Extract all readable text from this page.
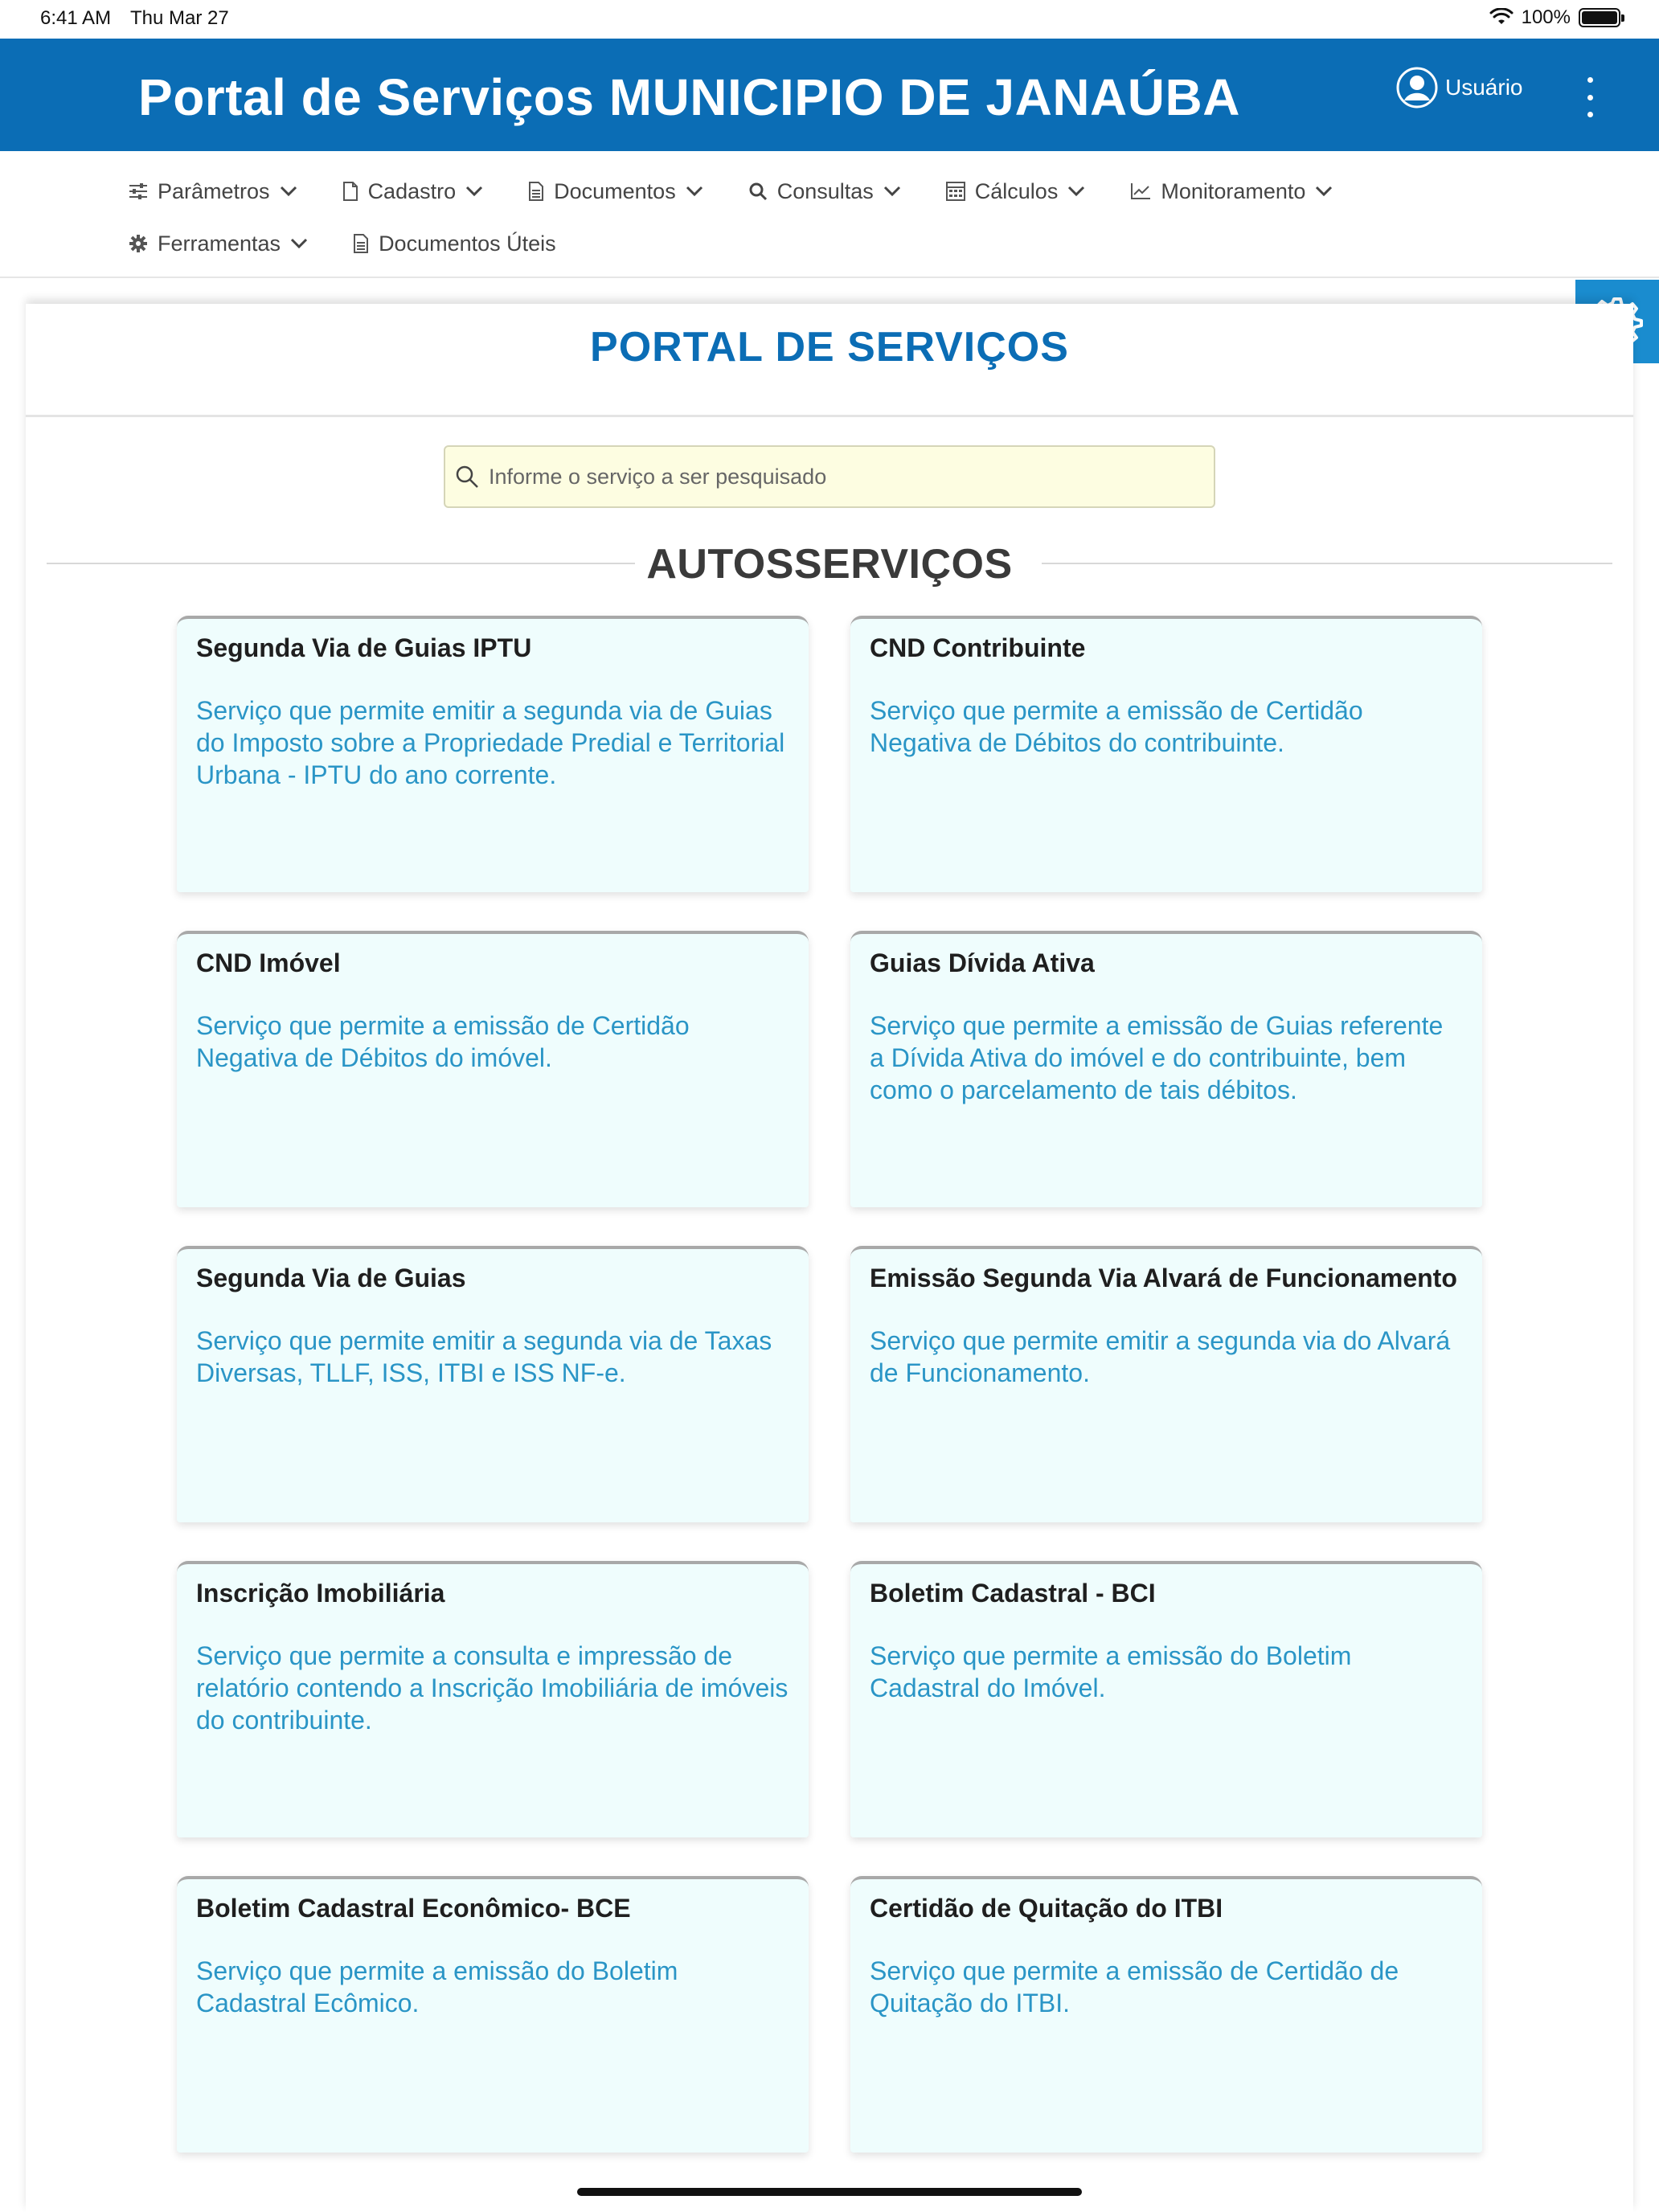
6:41 AM Thu Mar 27	100%
Portal de Serviços MUNICIPIO DE JANAÚBA	Usuário
Parâmetros	Cadastro	Documentos	Consultas	Cálculos	Monitoramento
Ferramentas	Documentos Úteis
PORTAL DE SERVIÇOS
Informe o serviço a ser pesquisado
AUTOSSERVIÇOS
Segunda Via de Guias IPTU
Serviço que permite emitir a segunda via de Guias do Imposto sobre a Propriedade Predial e Territorial Urbana - IPTU do ano corrente.
CND Contribuinte
Serviço que permite a emissão de Certidão Negativa de Débitos do contribuinte.
CND Imóvel
Serviço que permite a emissão de Certidão Negativa de Débitos do imóvel.
Guias Dívida Ativa
Serviço que permite a emissão de Guias referente a Dívida Ativa do imóvel e do contribuinte, bem como o parcelamento de tais débitos.
Segunda Via de Guias
Serviço que permite emitir a segunda via de Taxas Diversas, TLLF, ISS, ITBI e ISS NF-e.
Emissão Segunda Via Alvará de Funcionamento
Serviço que permite emitir a segunda via do Alvará de Funcionamento.
Inscrição Imobiliária
Serviço que permite a consulta e impressão de relatório contendo a Inscrição Imobiliária de imóveis do contribuinte.
Boletim Cadastral - BCI
Serviço que permite a emissão do Boletim Cadastral do Imóvel.
Boletim Cadastral Econômico- BCE
Serviço que permite a emissão do Boletim Cadastral Ecômico.
Certidão de Quitação do ITBI
Serviço que permite a emissão de Certidão de Quitação do ITBI.
